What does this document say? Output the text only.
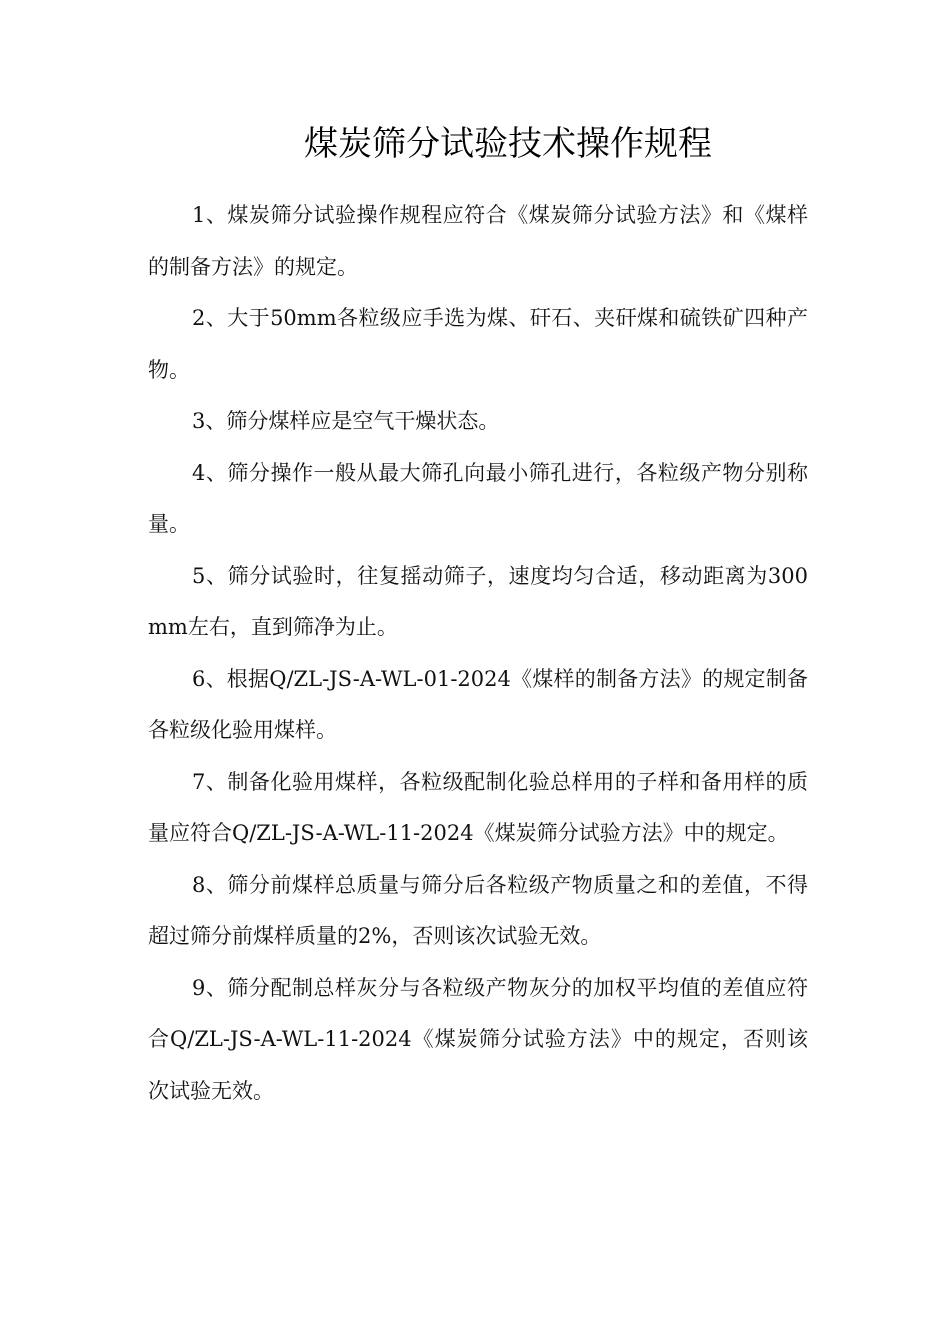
煤炭筛分试验技术操作规程

1、煤炭筛分试验操作规程应符合《煤炭筛分试验方法》和《煤样的制备方法》的规定。

2、大于50mm各粒级应手选为煤、矸石、夹矸煤和硫铁矿四种产物。

3、筛分煤样应是空气干燥状态。

4、筛分操作一般从最大筛孔向最小筛孔进行，各粒级产物分别称量。

5、筛分试验时，往复摇动筛子，速度均匀合适，移动距离为300mm左右，直到筛净为止。

6、根据Q/ZL-JS-A-WL-01-2024《煤样的制备方法》的规定制备各粒级化验用煤样。

7、制备化验用煤样，各粒级配制化验总样用的子样和备用样的质量应符合Q/ZL-JS-A-WL-11-2024《煤炭筛分试验方法》中的规定。

8、筛分前煤样总质量与筛分后各粒级产物质量之和的差值，不得超过筛分前煤样质量的2%，否则该次试验无效。

9、筛分配制总样灰分与各粒级产物灰分的加权平均值的差值应符合Q/ZL-JS-A-WL-11-2024《煤炭筛分试验方法》中的规定，否则该次试验无效。
